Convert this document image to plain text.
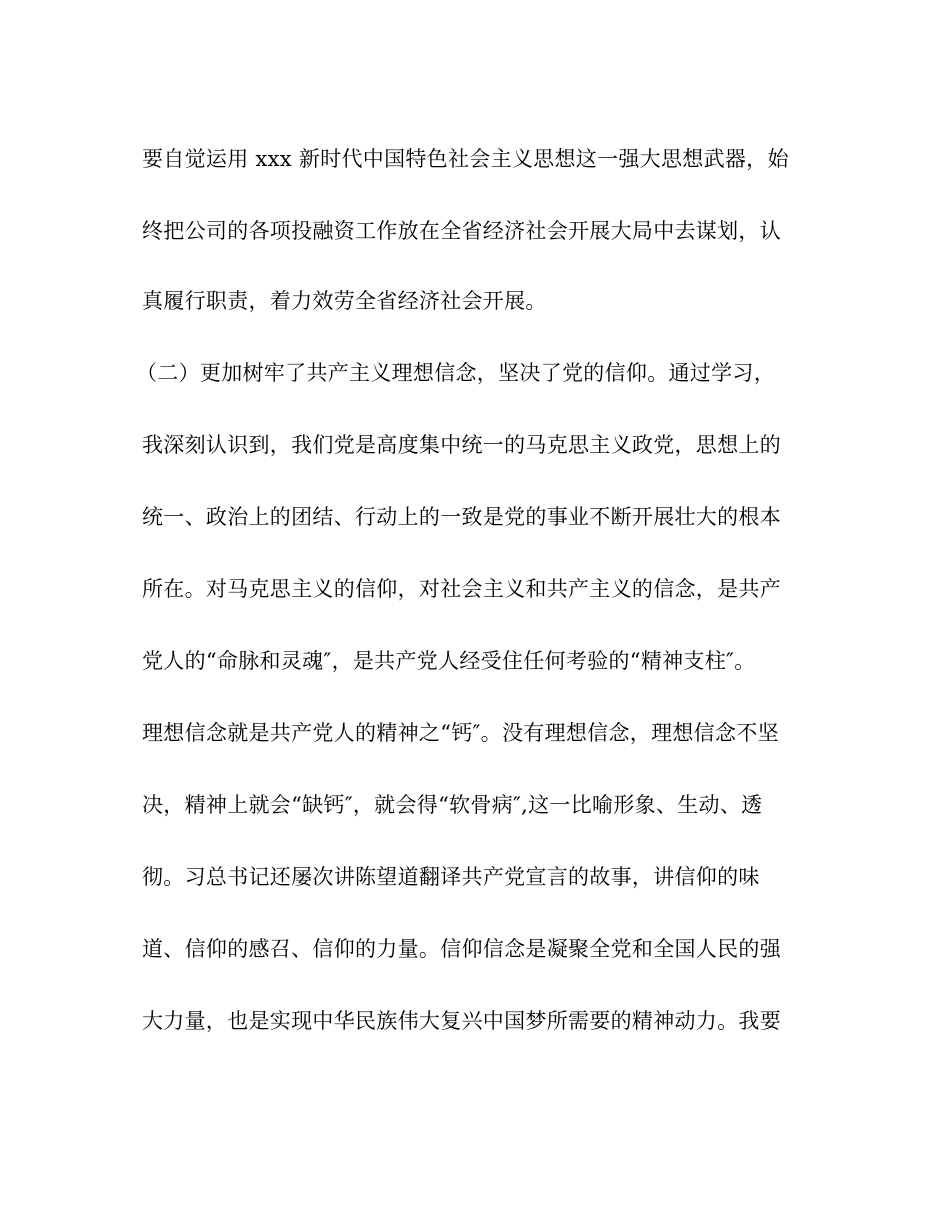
要自觉运用 xxx 新时代中国特色社会主义思想这一强大思想武器，始
终把公司的各项投融资工作放在全省经济社会开展大局中去谋划，认
真履行职责，着力效劳全省经济社会开展。
（二）更加树牢了共产主义理想信念，坚决了党的信仰。通过学习，
我深刻认识到，我们党是高度集中统一的马克思主义政党，思想上的
统一、政治上的团结、行动上的一致是党的事业不断开展壮大的根本
所在。对马克思主义的信仰，对社会主义和共产主义的信念，是共产
党人的“命脉和灵魂″，是共产党人经受住任何考验的“精神支柱″。
理想信念就是共产党人的精神之“钙″。没有理想信念，理想信念不坚
决，精神上就会“缺钙″，就会得“软骨病″,这一比喻形象、生动、透
彻。习总书记还屡次讲陈望道翻译共产党宣言的故事，讲信仰的味
道、信仰的感召、信仰的力量。信仰信念是凝聚全党和全国人民的强
大力量，也是实现中华民族伟大复兴中国梦所需要的精神动力。我要
